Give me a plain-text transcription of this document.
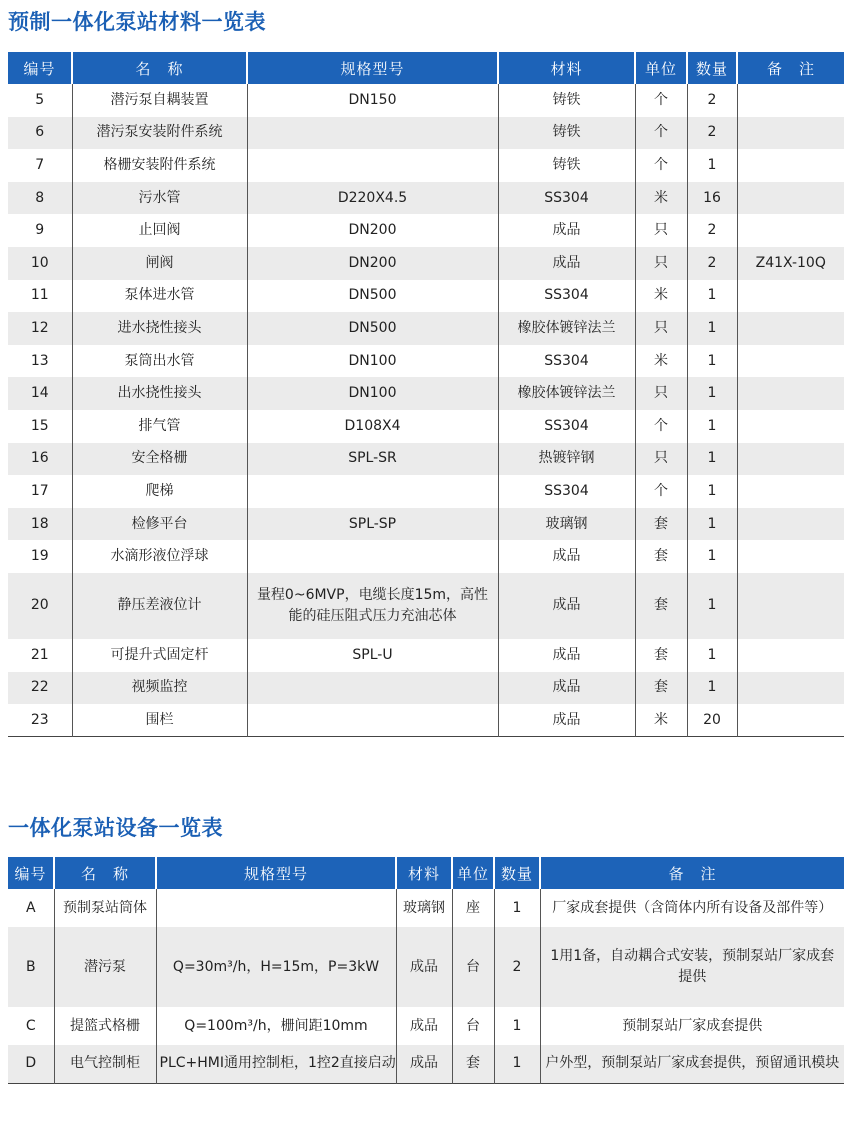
预制一体化泵站材料一览表
编号	名　称	规格型号	材料	单位	数量	备　注
5	潜污泵自耦装置	DN150	铸铁	个	2	
6	潜污泵安装附件系统		铸铁	个	2	
7	格栅安装附件系统		铸铁	个	1	
8	污水管	D220X4.5	SS304	米	16	
9	止回阀	DN200	成品	只	2	
10	闸阀	DN200	成品	只	2	Z41X-10Q
11	泵体进水管	DN500	SS304	米	1	
12	进水挠性接头	DN500	橡胶体镀锌法兰	只	1	
13	泵筒出水管	DN100	SS304	米	1	
14	出水挠性接头	DN100	橡胶体镀锌法兰	只	1	
15	排气管	D108X4	SS304	个	1	
16	安全格栅	SPL-SR	热镀锌钢	只	1	
17	爬梯		SS304	个	1	
18	检修平台	SPL-SP	玻璃钢	套	1	
19	水滴形液位浮球		成品	套	1	
20	静压差液位计	量程0~6MVP，电缆长度15m，高性能的硅压阻式压力充油芯体	成品	套	1	
21	可提升式固定杆	SPL-U	成品	套	1	
22	视频监控		成品	套	1	
23	围栏		成品	米	20	
一体化泵站设备一览表
编号	名　称	规格型号	材料	单位	数量	备　注
A	预制泵站筒体		玻璃钢	座	1	厂家成套提供（含筒体内所有设备及部件等）
B	潜污泵	Q=30m³/h，H=15m，P=3kW	成品	台	2	1用1备，自动耦合式安装，预制泵站厂家成套提供
C	提篮式格栅	Q=100m³/h，栅间距10mm	成品	台	1	预制泵站厂家成套提供
D	电气控制柜	PLC+HMI通用控制柜，1控2直接启动	成品	套	1	户外型，预制泵站厂家成套提供，预留通讯模块
